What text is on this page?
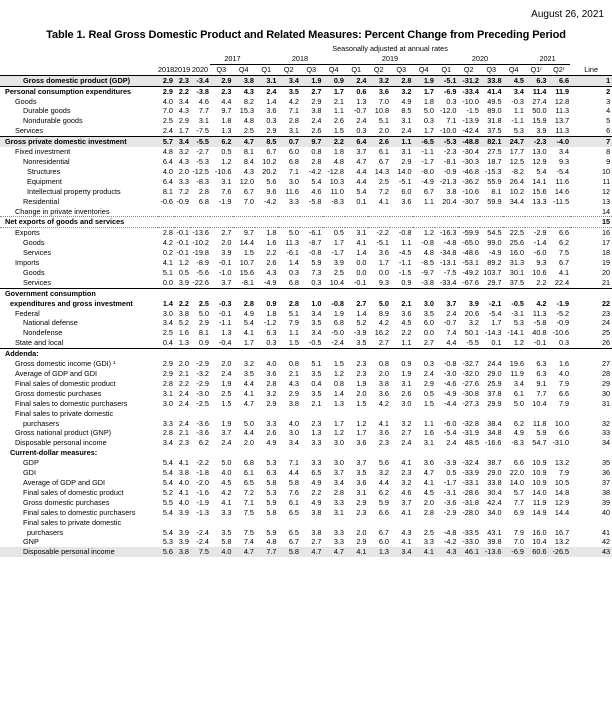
August 26, 2021
Table 1. Real Gross Domestic Product and Related Measures: Percent Change from Preceding Period
				Seasonally adjusted at annual rates																
	2018	2019	2020	2017		2018				2019				2020				2021		Line
				Q3	Q4	Q1	Q2	Q3	Q4	Q1	Q2	Q3	Q4	Q1	Q2	Q3	Q4	Q1ʳ	Q2ʳ	
Gross domestic product (GDP)	2.9	2.3	-3.4	2.9	3.8	3.1	3.4	1.9	0.9	2.4	3.2	2.8	1.9	-5.1	-31.2	33.8	4.5	6.3	6.6	1
Personal consumption expenditures	2.9	2.2	-3.8	2.3	4.3	2.4	3.5	2.7	1.7	0.6	3.6	3.2	1.7	-6.9	-33.4	41.4	3.4	11.4	11.9	2
Goods	4.0	3.4	4.6	4.4	8.2	1.4	4.2	2.9	2.1	1.3	7.0	4.9	1.8	0.3	-10.0	49.5	-0.3	27.4	12.8	3
Durable goods	7.0	4.3	7.7	9.7	15.3	3.6	7.1	3.8	1.1	-0.7	10.8	8.5	5.0	-12.0	-1.5	89.0	1.1	50.0	11.3	4
Nondurable goods	2.5	2.9	3.1	1.8	4.8	0.3	2.8	2.4	2.6	2.4	5.1	3.1	0.3	7.1	-13.9	31.8	-1.1	15.9	13.7	5
Services	2.4	1.7	-7.5	1.3	2.5	2.9	3.1	2.6	1.5	0.3	2.0	2.4	1.7	-10.0	-42.4	37.5	5.3	3.9	11.3	6
Gross private domestic investment	5.7	3.4	-5.5	6.2	4.7	8.5	0.7	9.7	2.2	6.4	2.6	1.1	-6.5	-5.3	-48.8	82.1	24.7	-2.3	-4.0	7
Fixed investment	4.8	3.2	-2.7	0.5	8.1	6.7	6.0	0.8	1.8	3.7	6.1	3.1	-1.1	-2.3	-30.4	27.5	17.7	13.0	3.4	8
Nonresidential	6.4	4.3	-5.3	1.2	8.4	10.2	6.8	2.8	4.8	4.7	6.7	2.9	-1.7	-8.1	-30.3	18.7	12.5	12.9	9.3	9
Structures	4.0	2.0	-12.5	-10.6	4.3	20.2	7.1	-4.2	-12.8	4.4	14.3	14.0	-8.0	-0.9	-46.8	-15.3	-8.2	5.4	-5.4	10
Equipment	6.4	3.3	-8.3	3.1	12.0	5.6	3.0	5.4	10.3	4.4	2.5	-5.1	-4.9	-21.3	-36.2	55.9	26.4	14.1	11.6	11
Intellectual property products	8.1	7.2	2.8	7.6	6.7	9.6	11.6	4.6	11.0	5.4	7.2	6.0	6.7	3.8	-10.6	8.1	10.2	15.6	14.6	12
Residential	-0.6	-0.9	6.8	-1.9	7.0	-4.2	3.3	-5.8	-8.3	0.1	4.1	3.6	1.1	20.4	-30.7	59.9	34.4	13.3	-11.5	13
Change in private inventories																				14
Net exports of goods and services																				15
Exports	2.8	-0.1	-13.6	2.7	9.7	1.8	5.0	-6.1	0.5	3.1	-2.2	-0.8	1.2	-16.3	-59.9	54.5	22.5	-2.9	6.6	16
Goods	4.2	-0.1	-10.2	2.0	14.4	1.6	11.3	-8.7	1.7	4.1	-5.1	1.1	-0.8	-4.8	-65.0	99.0	25.6	-1.4	6.2	17
Services	0.2	-0.1	-19.8	3.9	1.5	2.2	-6.1	-0.8	-1.7	1.4	3.6	-4.5	4.8	-34.8	-48.6	-4.9	16.0	-6.0	7.5	18
Imports	4.1	1.2	-8.9	-0.1	10.7	2.6	1.4	5.9	3.9	0.0	1.7	-1.1	-8.5	-13.1	-53.1	89.2	31.3	9.3	6.7	19
Goods	5.1	0.5	-5.6	-1.0	15.6	4.3	0.3	7.3	2.5	0.0	0.0	-1.5	-9.7	-7.5	-49.2	103.7	30.1	10.6	4.1	20
Services	0.0	3.9	-22.6	3.7	-8.1	-4.9	6.8	0.3	10.4	-0.1	9.3	0.9	-3.8	-33.4	-67.6	29.7	37.5	2.2	22.4	21
Government consumption																				
expenditures and gross investment	1.4	2.2	2.5	-0.3	2.8	0.9	2.8	1.0	-0.8	2.7	5.0	2.1	3.0	3.7	3.9	-2.1	-0.5	4.2	-1.9	22
Federal	3.0	3.8	5.0	-0.1	4.9	1.8	5.1	3.4	1.9	1.4	8.9	3.6	3.5	2.4	20.6	-5.4	-3.1	11.3	-5.2	23
National defense	3.4	5.2	2.9	-1.1	5.4	-1.2	7.9	3.5	6.8	5.2	4.2	4.5	6.0	-0.7	3.2	1.7	5.3	-5.8	-0.9	24
Nondefense	2.5	1.6	8.1	1.3	4.1	6.3	1.1	3.4	-5.0	-3.9	16.2	2.2	0.0	7.4	50.1	-14.3	-14.1	40.8	-10.6	25
State and local	0.4	1.3	0.9	-0.4	1.7	0.3	1.5	-0.5	-2.4	3.5	2.7	1.1	2.7	4.4	-5.5	0.1	1.2	-0.1	0.3	26
Addenda:																				
Gross domestic income (GDI) ¹	2.9	2.0	-2.9	2.0	3.2	4.0	0.8	5.1	1.5	2.3	0.8	0.9	0.3	-0.8	-32.7	24.4	19.6	6.3	1.6	27
Average of GDP and GDI	2.9	2.1	-3.2	2.4	3.5	3.6	2.1	3.5	1.2	2.3	2.0	1.9	2.4	-3.0	-32.0	29.0	11.9	6.3	4.0	28
Final sales of domestic product	2.8	2.2	-2.9	1.9	4.4	2.8	4.3	0.4	0.8	1.9	3.8	3.1	2.9	-4.6	-27.6	25.9	3.4	9.1	7.9	29
Gross domestic purchases	3.1	2.4	-3.0	2.5	4.1	3.2	2.9	3.5	1.4	2.0	3.6	2.6	0.5	-4.9	-30.8	37.8	6.1	7.7	6.6	30
Final sales to domestic purchasers	3.0	2.4	-2.5	1.5	4.7	2.9	3.8	2.1	1.3	1.5	4.2	3.0	1.5	-4.4	-27.3	29.9	5.0	10.4	7.9	31
Final sales to private domestic																				
purchasers	3.3	2.4	-3.6	1.9	5.0	3.3	4.0	2.3	1.7	1.2	4.1	3.2	1.1	-6.0	-32.8	38.4	6.2	11.8	10.0	32
Gross national product (GNP)	2.8	2.1	-3.6	3.7	4.4	2.6	3.0	1.3	1.2	1.7	3.6	2.7	1.6	-5.4	-31.9	34.8	4.9	5.9	6.6	33
Disposable personal income	3.4	2.3	6.2	2.4	2.0	4.9	3.4	3.3	3.0	3.6	2.3	2.4	3.1	2.4	48.5	-16.6	-8.3	54.7	-31.0	34
Current-dollar measures:																				
GDP	5.4	4.1	-2.2	5.0	6.8	5.3	7.1	3.3	3.0	3.7	5.6	4.1	3.6	-3.9	-32.4	38.7	6.6	10.9	13.2	35
GDI	5.4	3.8	-1.8	4.0	6.1	6.3	4.4	6.5	3.7	3.5	3.2	2.3	4.7	0.5	-33.9	29.0	22.0	10.9	7.9	36
Average of GDP and GDI	5.4	4.0	-2.0	4.5	6.5	5.8	5.8	4.9	3.4	3.6	4.4	3.2	4.1	-1.7	-33.1	33.8	14.0	10.9	10.5	37
Final sales of domestic product	5.2	4.1	-1.6	4.2	7.2	5.3	7.6	2.2	2.8	3.1	6.2	4.6	4.5	-3.1	-28.6	30.4	5.7	14.0	14.8	38
Gross domestic purchases	5.5	4.0	-1.9	4.1	7.1	5.9	6.1	4.9	3.3	2.9	5.9	3.7	2.0	-3.6	-31.8	42.4	7.7	11.9	12.9	39
Final sales to domestic purchasers	5.4	3.9	-1.3	3.3	7.5	5.8	6.5	3.8	3.1	2.3	6.6	4.1	2.8	-2.9	-28.0	34.0	6.9	14.9	14.4	40
Final sales to private domestic																				
purchasers	5.4	3.9	-2.4	3.5	7.5	5.9	6.5	3.8	3.3	2.0	6.7	4.3	2.5	-4.8	-33.5	43.1	7.9	16.0	16.7	41
GNP	5.3	3.9	-2.4	5.8	7.4	4.8	6.7	2.7	3.3	2.9	6.0	4.1	3.3	-4.2	-33.0	39.8	7.0	10.4	13.2	42
Disposable personal income	5.6	3.8	7.5	4.0	4.7	7.7	5.8	4.7	4.7	4.1	1.3	3.4	4.1	4.3	46.1	-13.6	-6.9	60.6	-26.5	43
